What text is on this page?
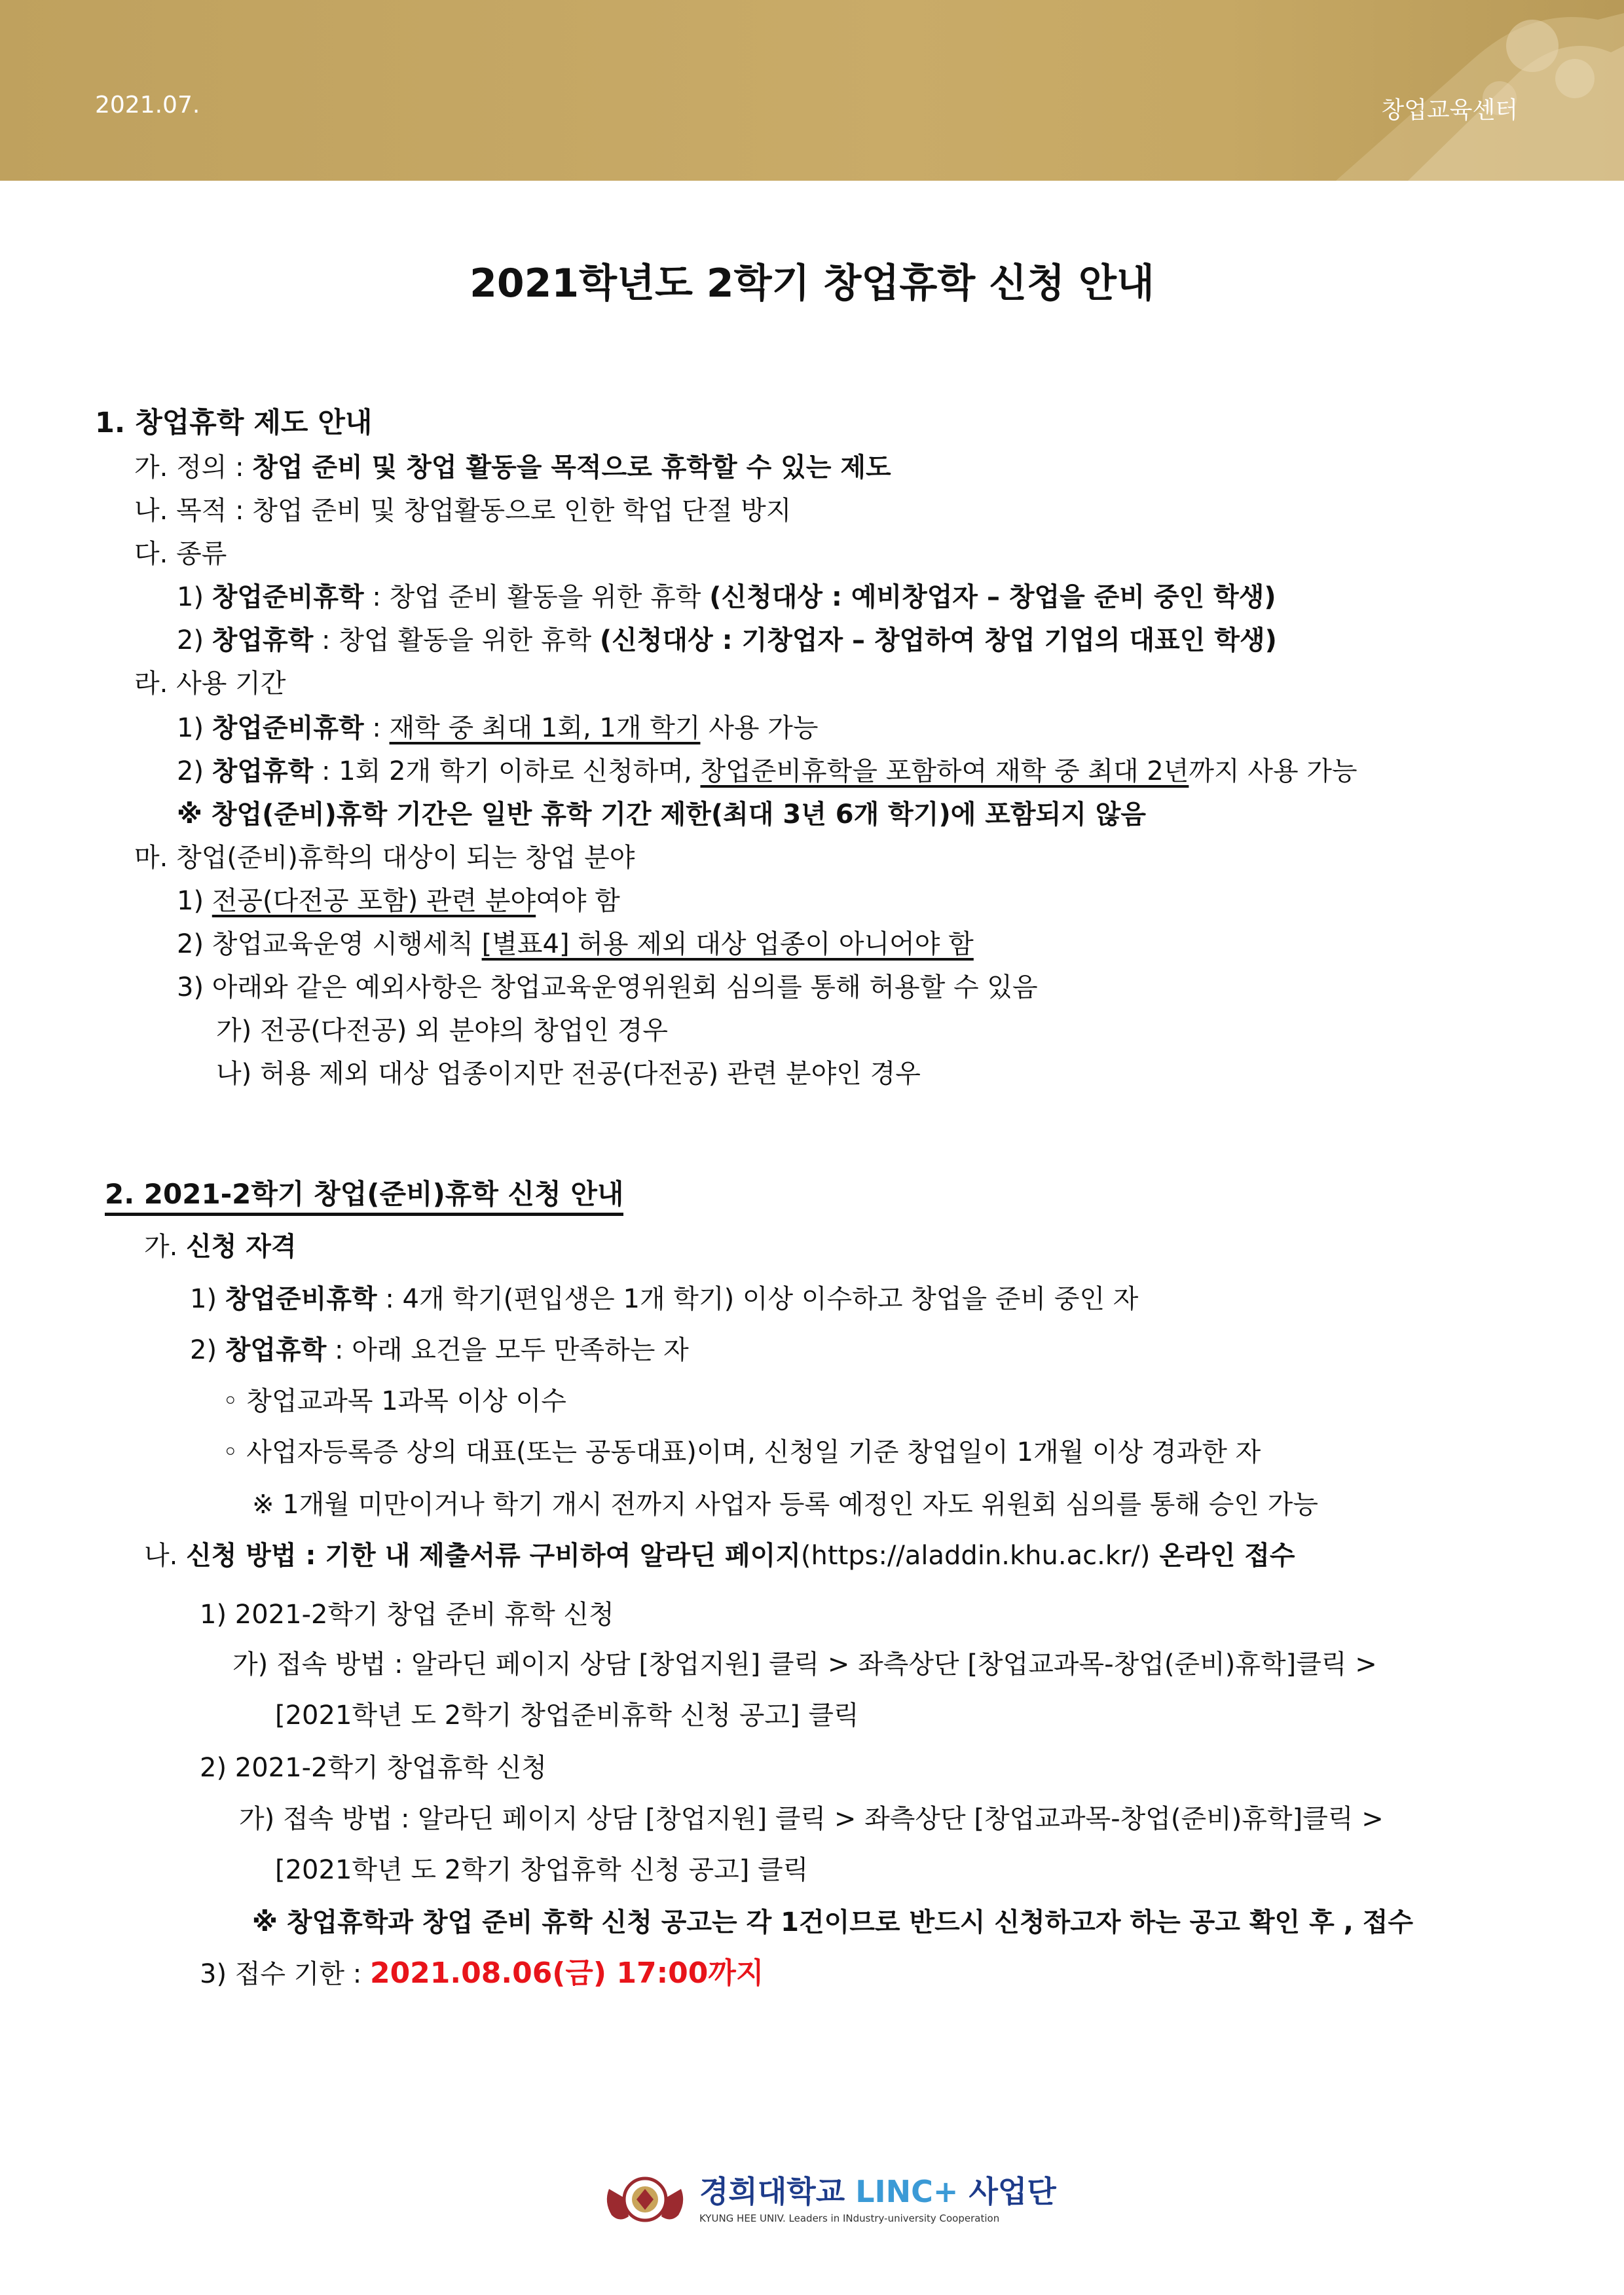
2021.07.	창업교육센터
2021학년도 2학기 창업휴학 신청 안내
1. 창업휴학 제도 안내
가. 정의 : 창업 준비 및 창업 활동을 목적으로 휴학할 수 있는 제도
나. 목적 : 창업 준비 및 창업활동으로 인한 학업 단절 방지
다. 종류
1) 창업준비휴학 : 창업 준비 활동을 위한 휴학 (신청대상 : 예비창업자 – 창업을 준비 중인 학생)
2) 창업휴학 : 창업 활동을 위한 휴학 (신청대상 : 기창업자 – 창업하여 창업 기업의 대표인 학생)
라. 사용 기간
1) 창업준비휴학 : 재학 중 최대 1회, 1개 학기 사용 가능
2) 창업휴학 : 1회 2개 학기 이하로 신청하며, 창업준비휴학을 포함하여 재학 중 최대 2년까지 사용 가능
※ 창업(준비)휴학 기간은 일반 휴학 기간 제한(최대 3년 6개 학기)에 포함되지 않음
마. 창업(준비)휴학의 대상이 되는 창업 분야
1) 전공(다전공 포함) 관련 분야여야 함
2) 창업교육운영 시행세칙 [별표4] 허용 제외 대상 업종이 아니어야 함
3) 아래와 같은 예외사항은 창업교육운영위원회 심의를 통해 허용할 수 있음
가) 전공(다전공) 외 분야의 창업인 경우
나) 허용 제외 대상 업종이지만 전공(다전공) 관련 분야인 경우
2. 2021-2학기 창업(준비)휴학 신청 안내
가. 신청 자격
1) 창업준비휴학 : 4개 학기(편입생은 1개 학기) 이상 이수하고 창업을 준비 중인 자
2) 창업휴학 : 아래 요건을 모두 만족하는 자
◦ 창업교과목 1과목 이상 이수
◦ 사업자등록증 상의 대표(또는 공동대표)이며, 신청일 기준 창업일이 1개월 이상 경과한 자
※ 1개월 미만이거나 학기 개시 전까지 사업자 등록 예정인 자도 위원회 심의를 통해 승인 가능
나. 신청 방법 : 기한 내 제출서류 구비하여 알라딘 페이지(https://aladdin.khu.ac.kr/) 온라인 접수
1) 2021-2학기 창업 준비 휴학 신청
가) 접속 방법 : 알라딘 페이지 상담 [창업지원] 클릭 > 좌측상단 [창업교과목-창업(준비)휴학]클릭 >
[2021학년 도 2학기 창업준비휴학 신청 공고] 클릭
2) 2021-2학기 창업휴학 신청
가) 접속 방법 : 알라딘 페이지 상담 [창업지원] 클릭 > 좌측상단 [창업교과목-창업(준비)휴학]클릭 >
[2021학년 도 2학기 창업휴학 신청 공고] 클릭
※ 창업휴학과 창업 준비 휴학 신청 공고는 각 1건이므로 반드시 신청하고자 하는 공고 확인 후 , 접수
3) 접수 기한 : 2021.08.06(금) 17:00까지
경희대학교 LINC+ 사업단
KYUNG HEE UNIV. Leaders in INdustry-university Cooperation
